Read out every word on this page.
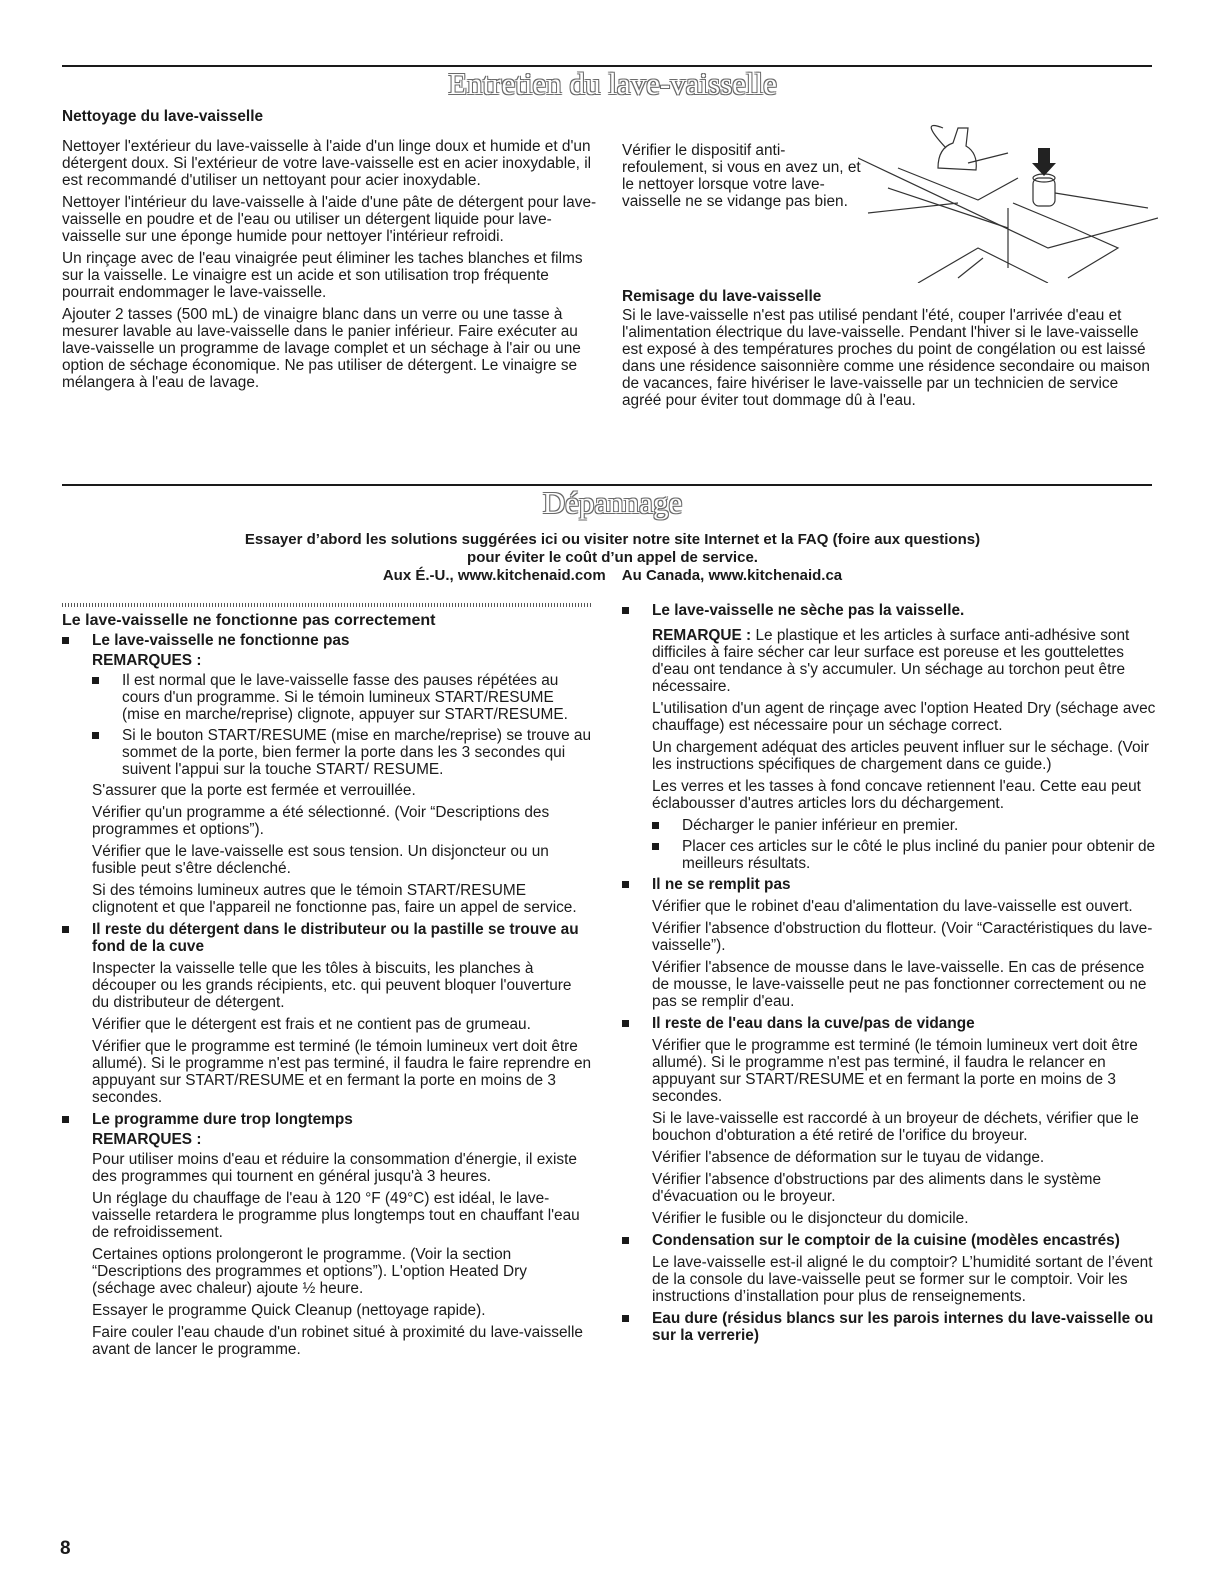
Entretien du lave-vaisselle
Nettoyage du lave-vaisselle

Nettoyer l'extérieur du lave-vaisselle à l'aide d'un linge doux et humide et d'un détergent doux. Si l'extérieur de votre lave-vaisselle est en acier inoxydable, il est recommandé d'utiliser un nettoyant pour acier inoxydable.

Nettoyer l'intérieur du lave-vaisselle à l'aide d'une pâte de détergent pour lave-vaisselle en poudre et de l'eau ou utiliser un détergent liquide pour lave-vaisselle sur une éponge humide pour nettoyer l'intérieur refroidi.

Un rinçage avec de l'eau vinaigrée peut éliminer les taches blanches et films sur la vaisselle. Le vinaigre est un acide et son utilisation trop fréquente pourrait endommager le lave-vaisselle.

Ajouter 2 tasses (500 mL) de vinaigre blanc dans un verre ou une tasse à mesurer lavable au lave-vaisselle dans le panier inférieur. Faire exécuter au lave-vaisselle un programme de lavage complet et un séchage à l'air ou une option de séchage économique. Ne pas utiliser de détergent. Le vinaigre se mélangera à l'eau de lavage.

Vérifier le dispositif anti-refoulement, si vous en avez un, et le nettoyer lorsque votre lave-vaisselle ne se vidange pas bien.
Remisage du lave-vaisselle

Si le lave-vaisselle n'est pas utilisé pendant l'été, couper l'arrivée d'eau et l'alimentation électrique du lave-vaisselle. Pendant l'hiver si le lave-vaisselle est exposé à des températures proches du point de congélation ou est laissé dans une résidence saisonnière comme une résidence secondaire ou maison de vacances, faire hivériser le lave-vaisselle par un technicien de service agréé pour éviter tout dommage dû à l'eau.

Dépannage
Essayer d’abord les solutions suggérées ici ou visiter notre site Internet et la FAQ (foire aux questions)
pour éviter le coût d’un appel de service.
Aux É.-U., www.kitchenaid.com Au Canada, www.kitchenaid.ca
Le lave-vaisselle ne fonctionne pas correctement
Le lave-vaisselle ne fonctionne pas
REMARQUES :
Il est normal que le lave-vaisselle fasse des pauses répétées au cours d'un programme. Si le témoin lumineux START/RESUME (mise en marche/reprise) clignote, appuyer sur START/RESUME.
Si le bouton START/RESUME (mise en marche/reprise) se trouve au sommet de la porte, bien fermer la porte dans les 3 secondes qui suivent l'appui sur la touche START/ RESUME.

S'assurer que la porte est fermée et verrouillée.

Vérifier qu'un programme a été sélectionné. (Voir “Descriptions des programmes et options”).

Vérifier que le lave-vaisselle est sous tension. Un disjoncteur ou un fusible peut s'être déclenché.

Si des témoins lumineux autres que le témoin START/RESUME clignotent et que l'appareil ne fonctionne pas, faire un appel de service.

Il reste du détergent dans le distributeur ou la pastille se trouve au fond de la cuve

Inspecter la vaisselle telle que les tôles à biscuits, les planches à découper ou les grands récipients, etc. qui peuvent bloquer l'ouverture du distributeur de détergent.

Vérifier que le détergent est frais et ne contient pas de grumeau.

Vérifier que le programme est terminé (le témoin lumineux vert doit être allumé). Si le programme n'est pas terminé, il faudra le faire reprendre en appuyant sur START/RESUME et en fermant la porte en moins de 3 secondes.

Le programme dure trop longtemps
REMARQUES :

Pour utiliser moins d'eau et réduire la consommation d'énergie, il existe des programmes qui tournent en général jusqu'à 3 heures.

Un réglage du chauffage de l'eau à 120 °F (49°C) est idéal, le lave-vaisselle retardera le programme plus longtemps tout en chauffant l'eau de refroidissement.

Certaines options prolongeront le programme. (Voir la section “Descriptions des programmes et options”). L'option Heated Dry (séchage avec chaleur) ajoute ½ heure.

Essayer le programme Quick Cleanup (nettoyage rapide).

Faire couler l'eau chaude d'un robinet situé à proximité du lave-vaisselle avant de lancer le programme.

Le lave-vaisselle ne sèche pas la vaisselle.

REMARQUE : Le plastique et les articles à surface anti-adhésive sont difficiles à faire sécher car leur surface est poreuse et les gouttelettes d'eau ont tendance à s'y accumuler. Un séchage au torchon peut être nécessaire.

L'utilisation d'un agent de rinçage avec l'option Heated Dry (séchage avec chauffage) est nécessaire pour un séchage correct.

Un chargement adéquat des articles peuvent influer sur le séchage. (Voir les instructions spécifiques de chargement dans ce guide.)

Les verres et les tasses à fond concave retiennent l'eau. Cette eau peut éclabousser d'autres articles lors du déchargement.

Décharger le panier inférieur en premier.
Placer ces articles sur le côté le plus incliné du panier pour obtenir de meilleurs résultats.
Il ne se remplit pas

Vérifier que le robinet d'eau d'alimentation du lave-vaisselle est ouvert.

Vérifier l'absence d'obstruction du flotteur. (Voir “Caractéristiques du lave-vaisselle”).

Vérifier l'absence de mousse dans le lave-vaisselle. En cas de présence de mousse, le lave-vaisselle peut ne pas fonctionner correctement ou ne pas se remplir d'eau.

Il reste de l'eau dans la cuve/pas de vidange

Vérifier que le programme est terminé (le témoin lumineux vert doit être allumé). Si le programme n'est pas terminé, il faudra le relancer en appuyant sur START/RESUME et en fermant la porte en moins de 3 secondes.

Si le lave-vaisselle est raccordé à un broyeur de déchets, vérifier que le bouchon d'obturation a été retiré de l'orifice du broyeur.

Vérifier l'absence de déformation sur le tuyau de vidange.

Vérifier l'absence d'obstructions par des aliments dans le système d'évacuation ou le broyeur.

Vérifier le fusible ou le disjoncteur du domicile.

Condensation sur le comptoir de la cuisine (modèles encastrés)

Le lave-vaisselle est-il aligné le du comptoir? L’humidité sortant de l’évent de la console du lave-vaisselle peut se former sur le comptoir. Voir les instructions d’installation pour plus de renseignements.

Eau dure (résidus blancs sur les parois internes du lave-vaisselle ou sur la verrerie)
8
